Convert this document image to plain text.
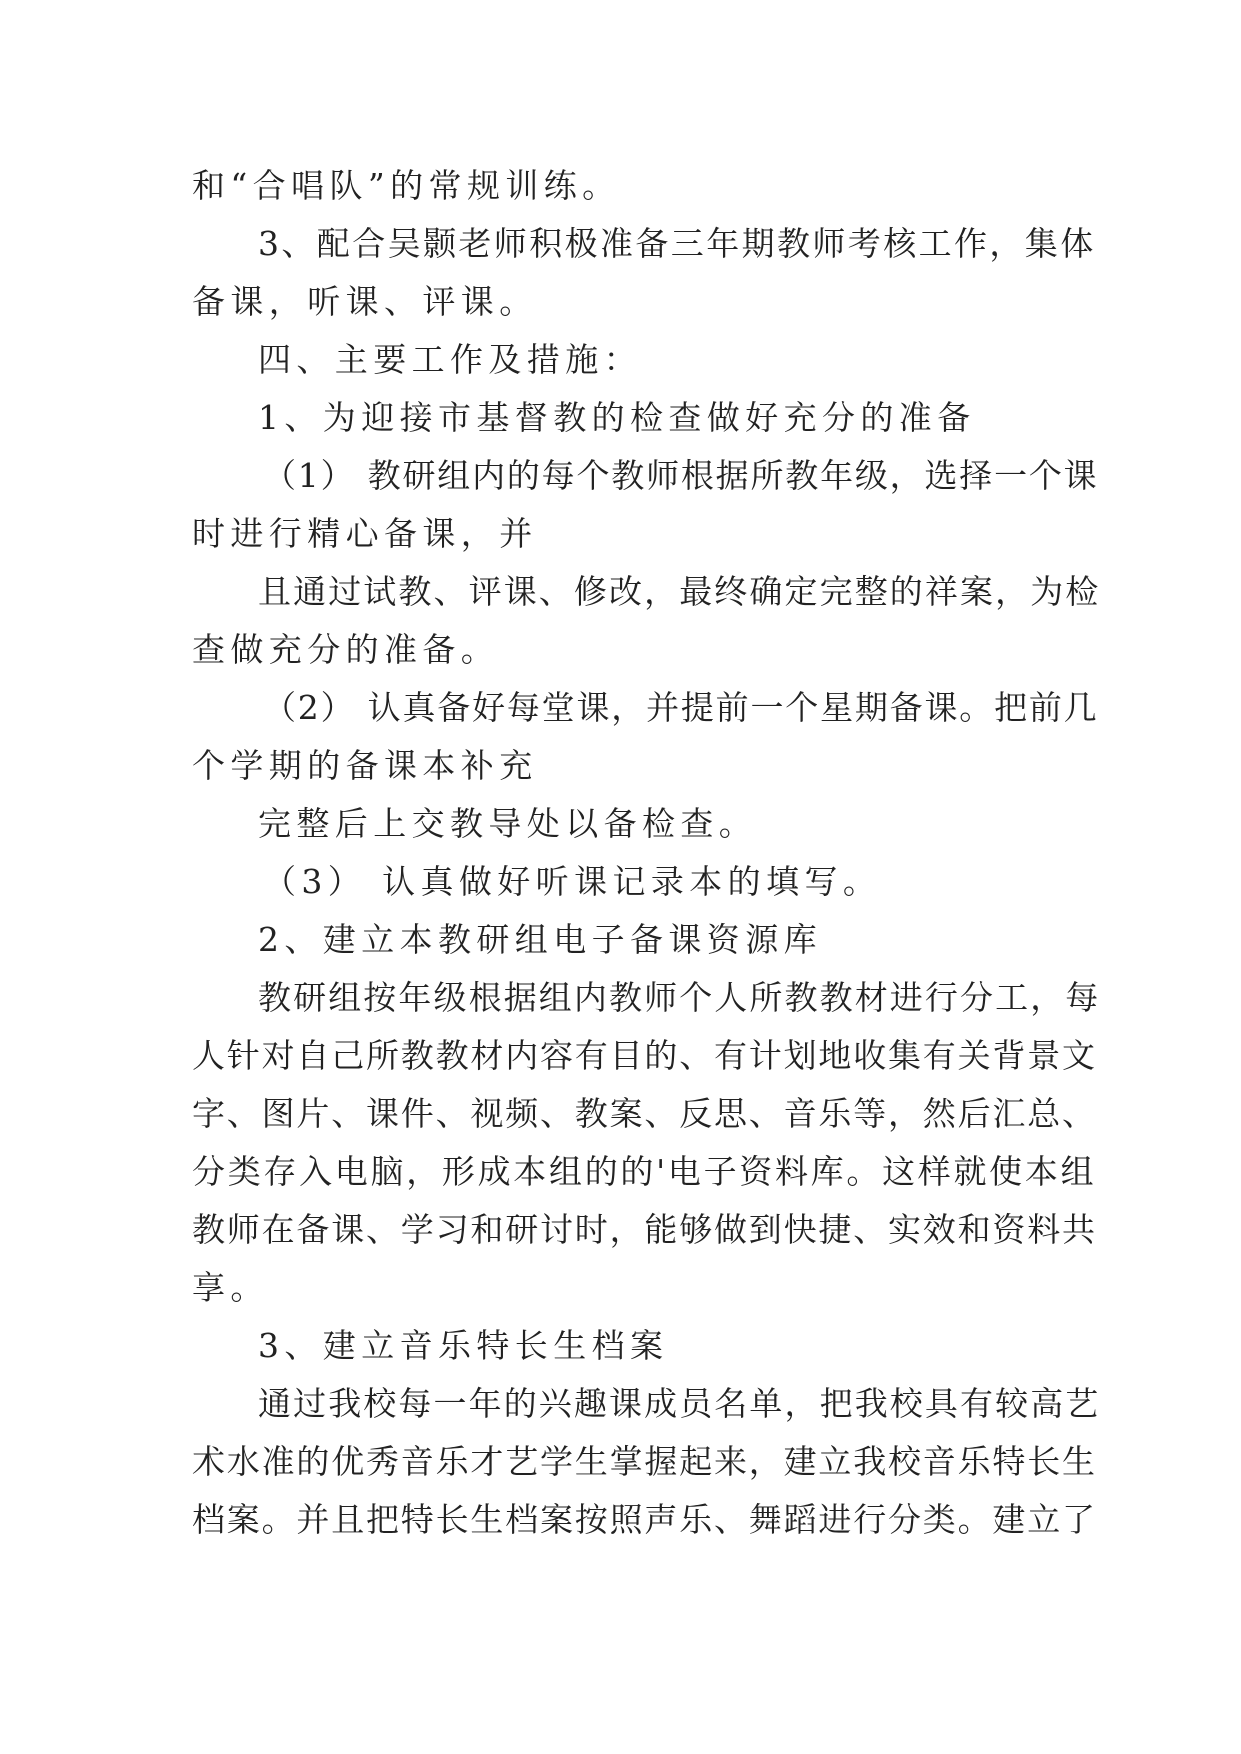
和“合唱队”的常规训练。
3、配合吴颢老师积极准备三年期教师考核工作，集体
备课，听课、评课。
四、主要工作及措施：
1、为迎接市基督教的检查做好充分的准备
（1） 教研组内的每个教师根据所教年级，选择一个课
时进行精心备课，并
且通过试教、评课、修改，最终确定完整的祥案，为检
查做充分的准备。
（2） 认真备好每堂课，并提前一个星期备课。把前几
个学期的备课本补充
完整后上交教导处以备检查。
（3） 认真做好听课记录本的填写。
2、建立本教研组电子备课资源库
教研组按年级根据组内教师个人所教教材进行分工，每
人针对自己所教教材内容有目的、有计划地收集有关背景文
字、图片、课件、视频、教案、反思、音乐等，然后汇总、
分类存入电脑，形成本组的的'电子资料库。这样就使本组
教师在备课、学习和研讨时，能够做到快捷、实效和资料共
享。
3、建立音乐特长生档案
通过我校每一年的兴趣课成员名单，把我校具有较高艺
术水准的优秀音乐才艺学生掌握起来，建立我校音乐特长生
档案。并且把特长生档案按照声乐、舞蹈进行分类。建立了
